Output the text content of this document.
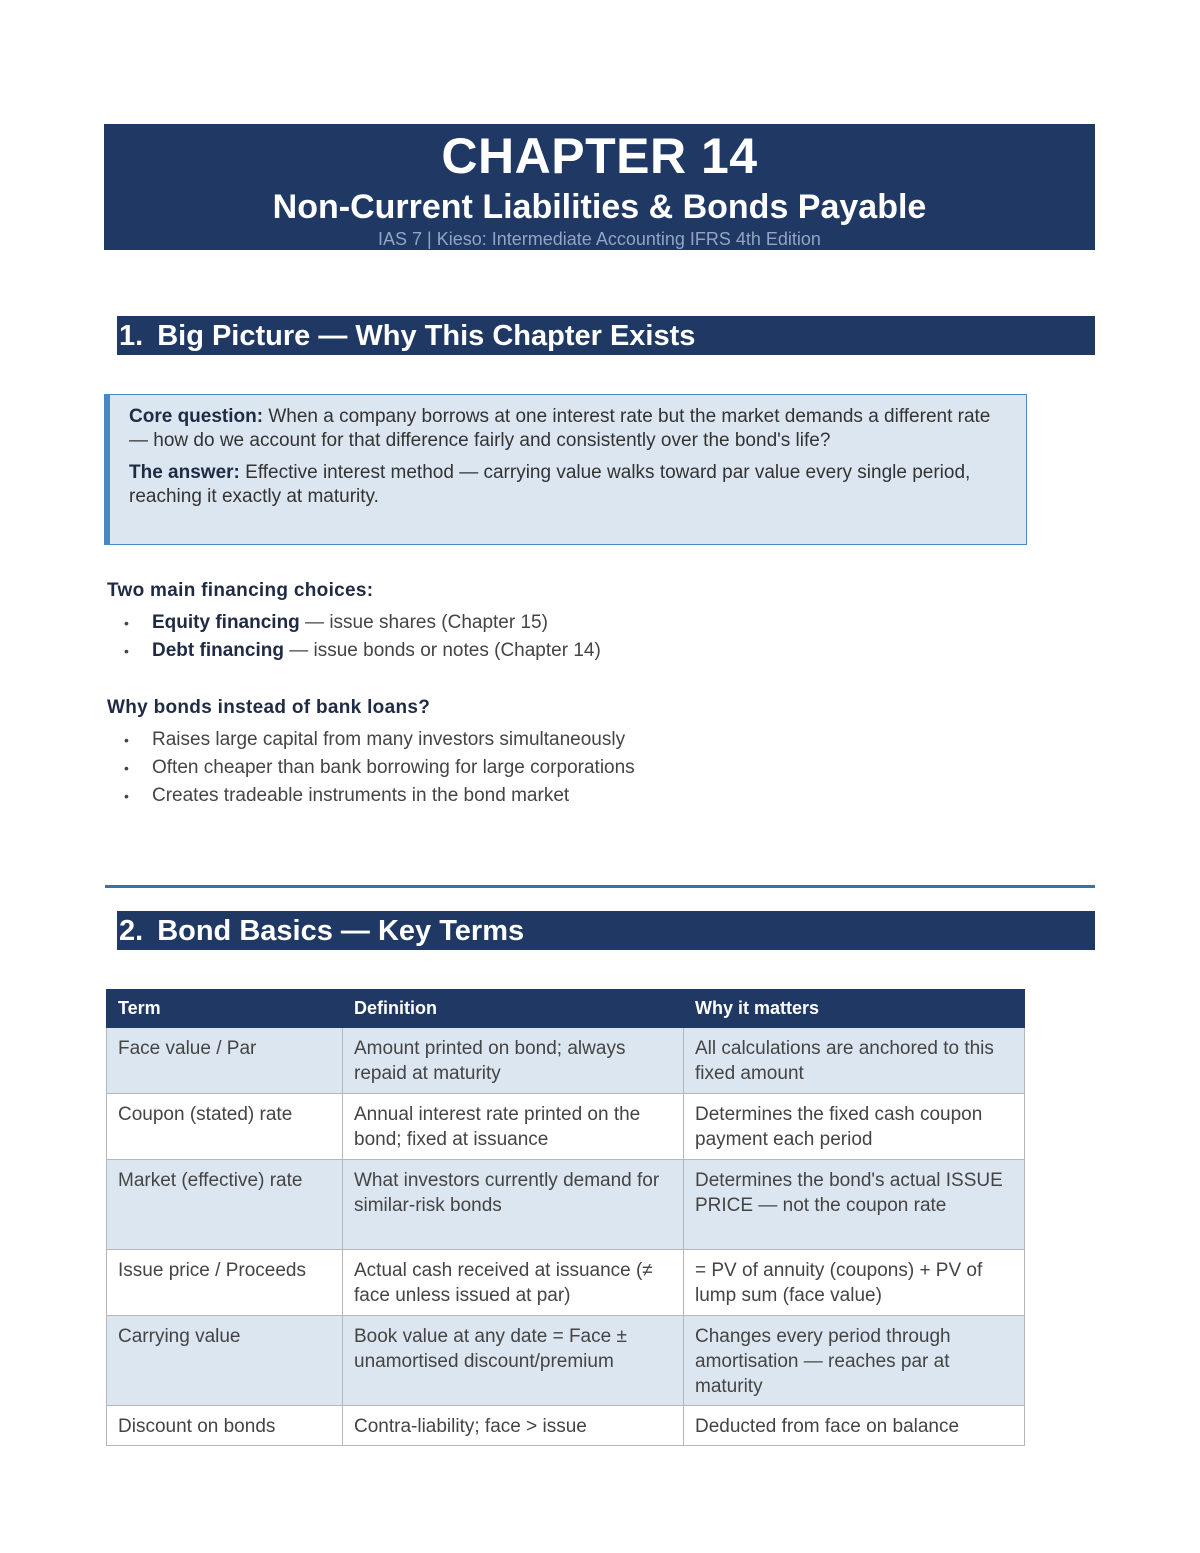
CHAPTER 14
Non-Current Liabilities & Bonds Payable
IAS 7 | Kieso: Intermediate Accounting IFRS 4th Edition
1. Big Picture — Why This Chapter Exists

Core question: When a company borrows at one interest rate but the market demands a different rate — how do we account for that difference fairly and consistently over the bond's life?

The answer: Effective interest method — carrying value walks toward par value every single period, reaching it exactly at maturity.

Two main financing choices:
•	Equity financing — issue shares (Chapter 15)
•	Debt financing — issue bonds or notes (Chapter 14)
Why bonds instead of bank loans?
•	Raises large capital from many investors simultaneously
•	Often cheaper than bank borrowing for large corporations
•	Creates tradeable instruments in the bond market
2. Bond Basics — Key Terms
Term	Definition	Why it matters
Face value / Par	Amount printed on bond; always repaid at maturity	All calculations are anchored to this fixed amount
Coupon (stated) rate	Annual interest rate printed on the bond; fixed at issuance	Determines the fixed cash coupon payment each period
Market (effective) rate	What investors currently demand for similar-risk bonds	Determines the bond's actual ISSUE PRICE — not the coupon rate
Issue price / Proceeds	Actual cash received at issuance (≠ face unless issued at par)	= PV of annuity (coupons) + PV of lump sum (face value)
Carrying value	Book value at any date = Face ± unamortised discount/premium	Changes every period through amortisation — reaches par at maturity
Discount on bonds	Contra-liability; face > issue	Deducted from face on balance
